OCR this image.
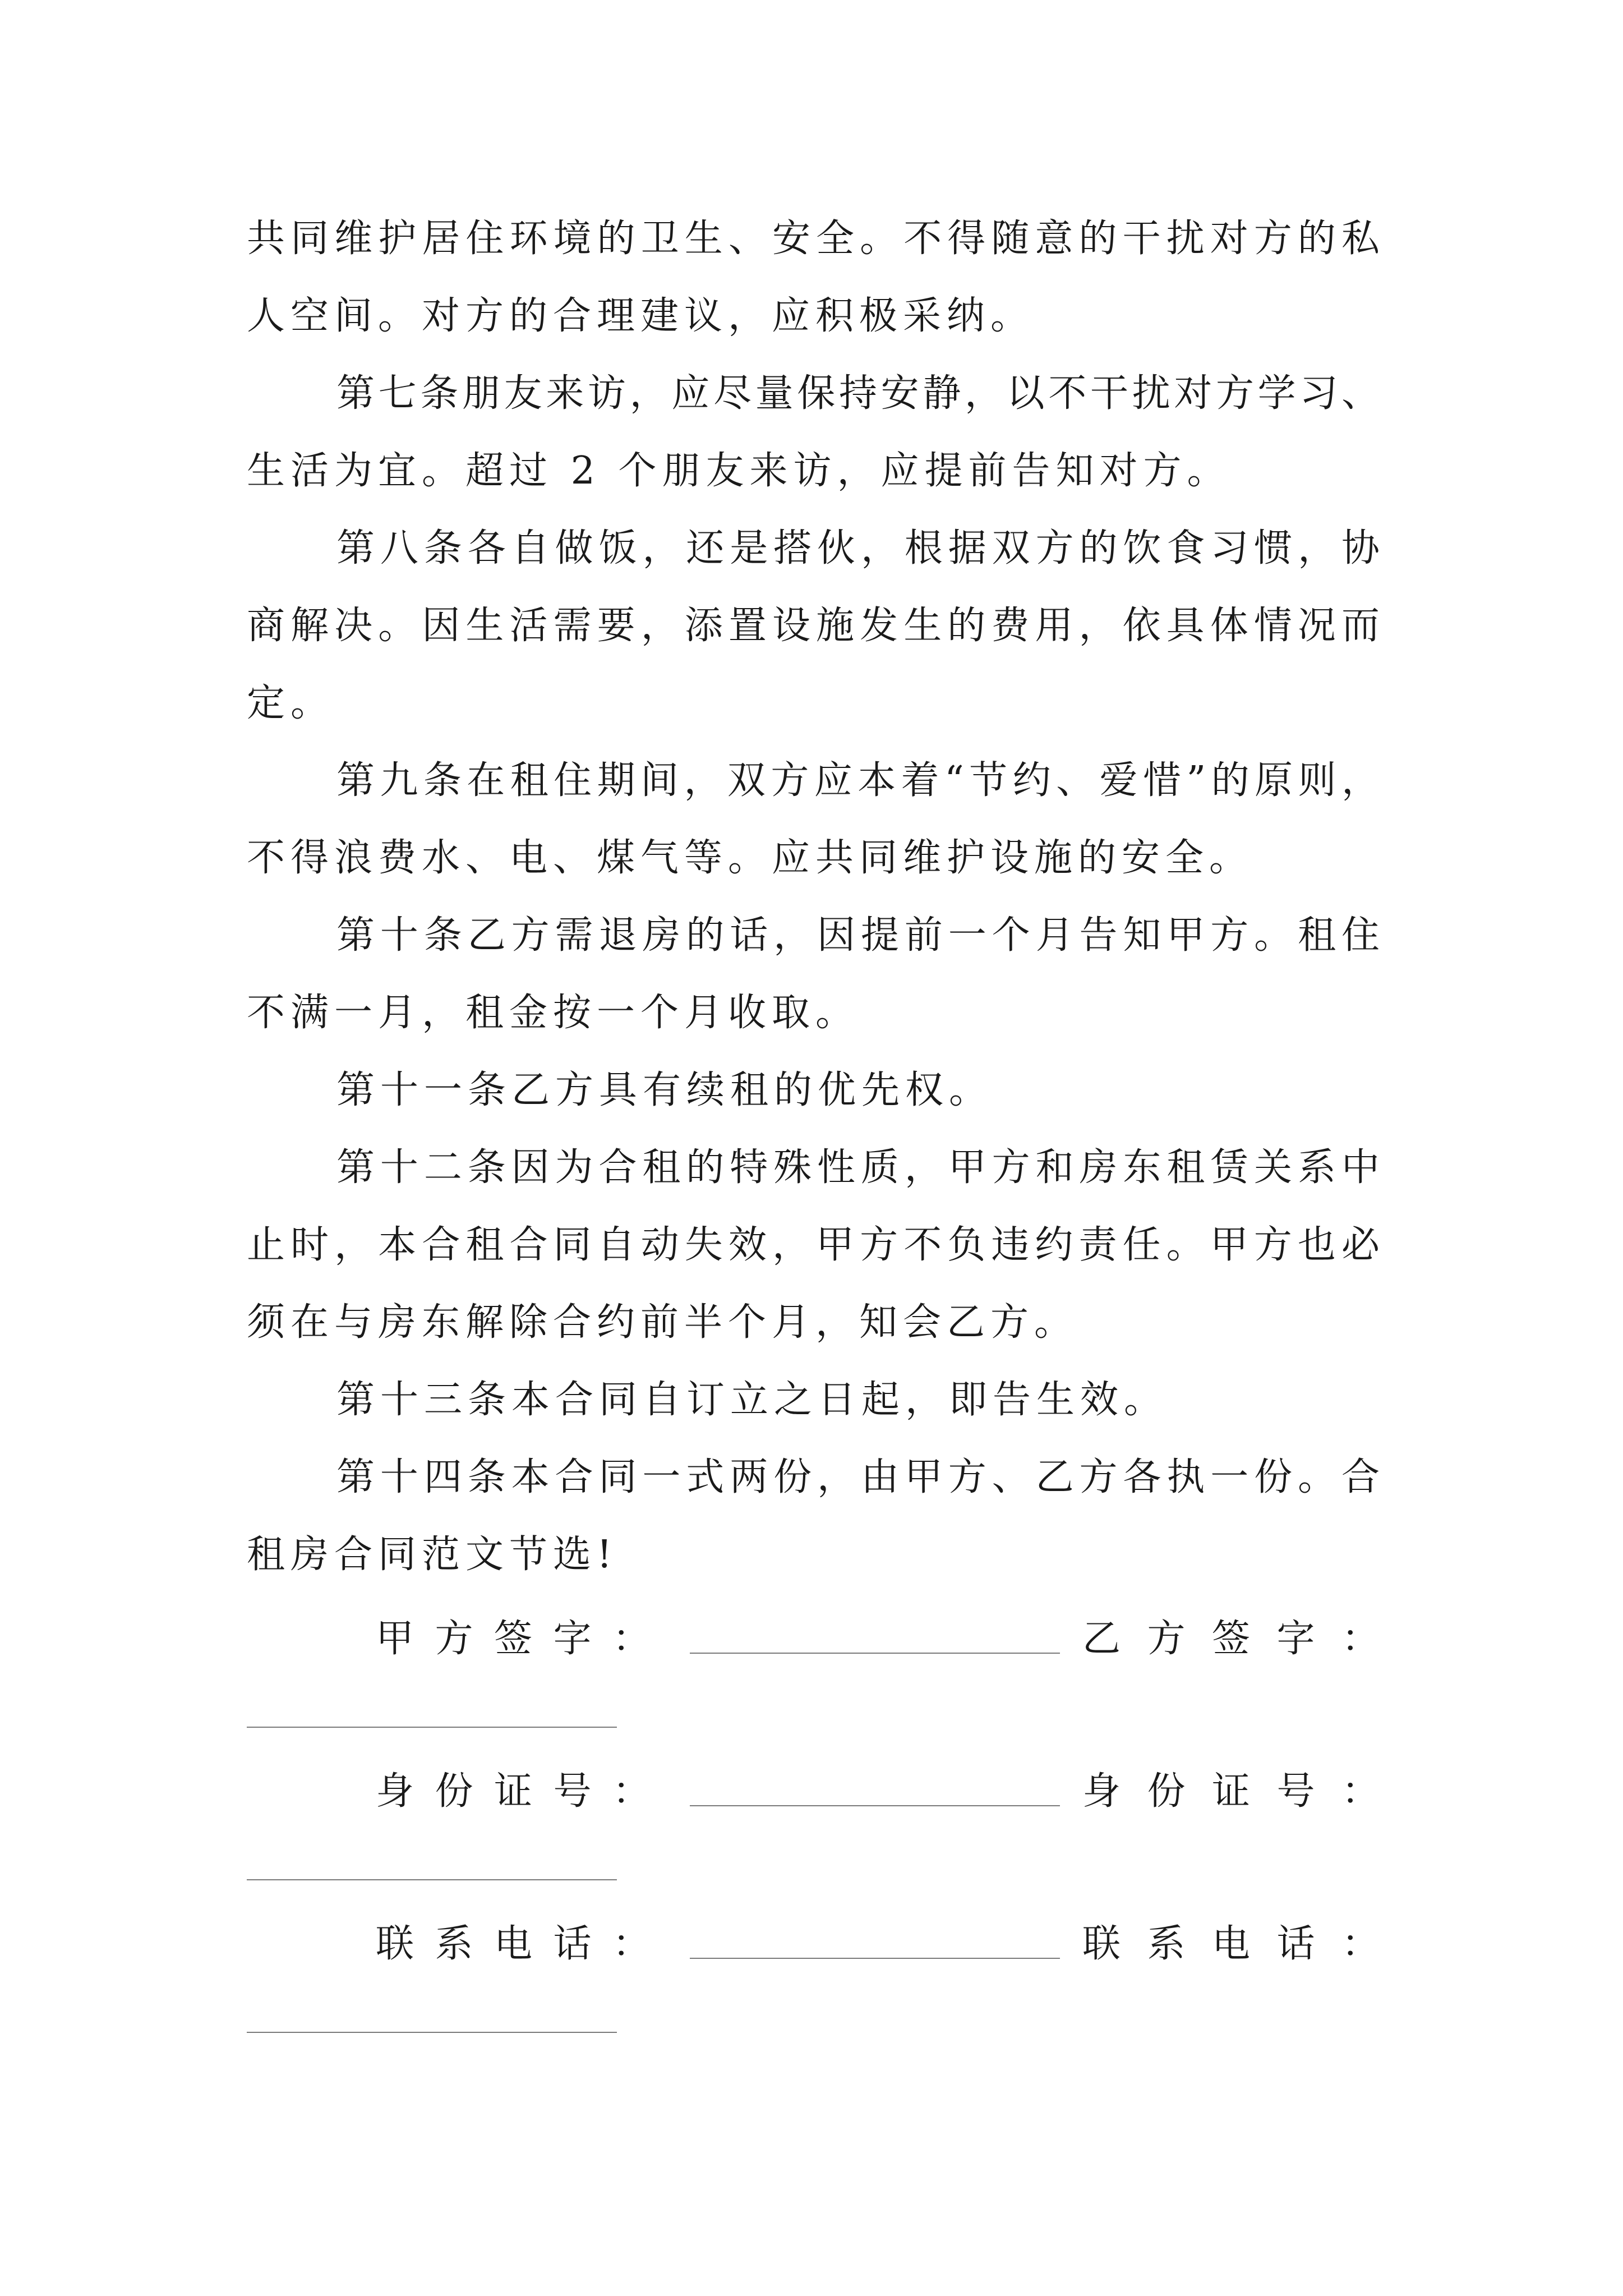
共同维护居住环境的卫生、安全。不得随意的干扰对方的私
人空间。对方的合理建议，应积极采纳。
第七条朋友来访，应尽量保持安静，以不干扰对方学习、
生活为宜。超过 2 个朋友来访，应提前告知对方。
第八条各自做饭，还是搭伙，根据双方的饮食习惯，协
商解决。因生活需要，添置设施发生的费用，依具体情况而
定。
第九条在租住期间，双方应本着“节约、爱惜”的原则，
不得浪费水、电、煤气等。应共同维护设施的安全。
第十条乙方需退房的话，因提前一个月告知甲方。租住
不满一月，租金按一个月收取。
第十一条乙方具有续租的优先权。
第十二条因为合租的特殊性质，甲方和房东租赁关系中
止时，本合租合同自动失效，甲方不负违约责任。甲方也必
须在与房东解除合约前半个月，知会乙方。
第十三条本合同自订立之日起，即告生效。
第十四条本合同一式两份，由甲方、乙方各执一份。合
租房合同范文节选!
甲方签字：	乙方签字：
身份证号：	身份证号：
联系电话：	联系电话：
